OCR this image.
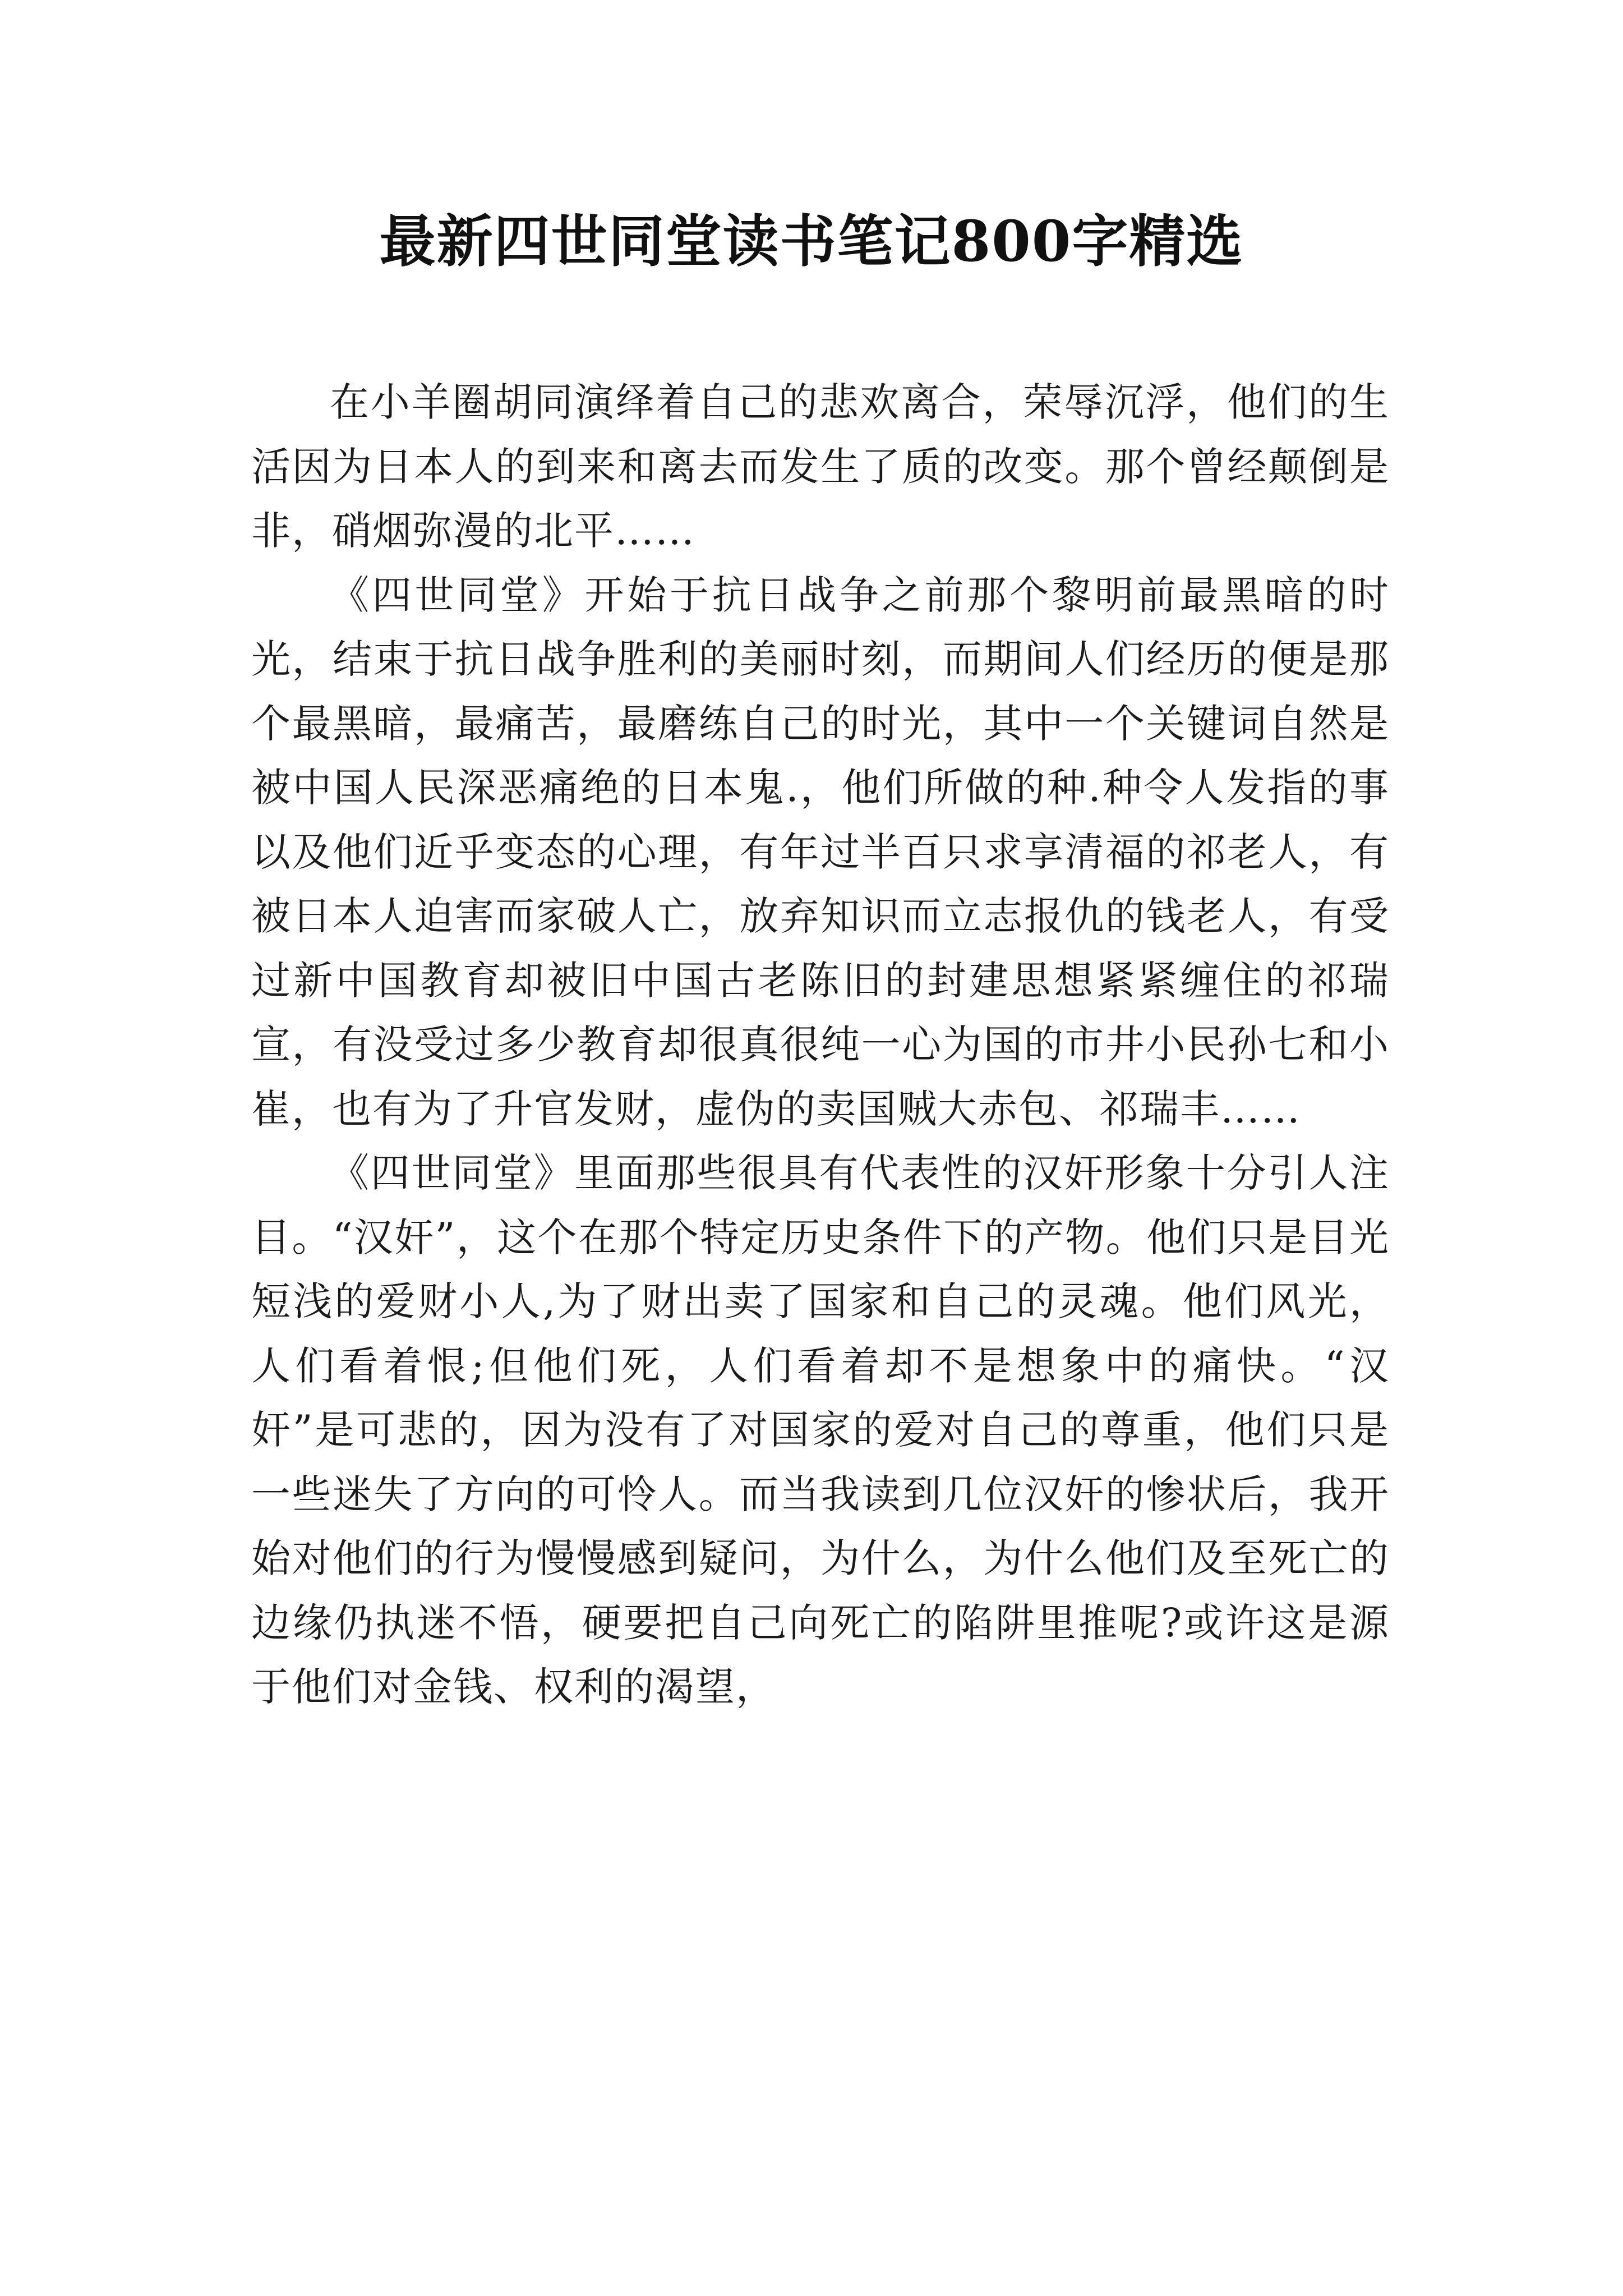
最新四世同堂读书笔记800字精选

在小羊圈胡同演绎着自己的悲欢离合，荣辱沉浮，他们的生活因为日本人的到来和离去而发生了质的改变。那个曾经颠倒是非，硝烟弥漫的北平……

《四世同堂》开始于抗日战争之前那个黎明前最黑暗的时光，结束于抗日战争胜利的美丽时刻，而期间人们经历的便是那个最黑暗，最痛苦，最磨练自己的时光，其中一个关键词自然是被中国人民深恶痛绝的日本鬼.，他们所做的种.种令人发指的事以及他们近乎变态的心理，有年过半百只求享清福的祁老人，有被日本人迫害而家破人亡，放弃知识而立志报仇的钱老人，有受过新中国教育却被旧中国古老陈旧的封建思想紧紧缠住的祁瑞宣，有没受过多少教育却很真很纯一心为国的市井小民孙七和小崔，也有为了升官发财，虚伪的卖国贼大赤包、祁瑞丰……

《四世同堂》里面那些很具有代表性的汉奸形象十分引人注目。“汉奸”，这个在那个特定历史条件下的产物。他们只是目光短浅的爱财小人,为了财出卖了国家和自己的灵魂。他们风光，人们看着恨;但他们死，人们看着却不是想象中的痛快。“汉奸”是可悲的，因为没有了对国家的爱对自己的尊重，他们只是一些迷失了方向的可怜人。而当我读到几位汉奸的惨状后，我开始对他们的行为慢慢感到疑问，为什么，为什么他们及至死亡的边缘仍执迷不悟，硬要把自己向死亡的陷阱里推呢?或许这是源于他们对金钱、权利的渴望，
